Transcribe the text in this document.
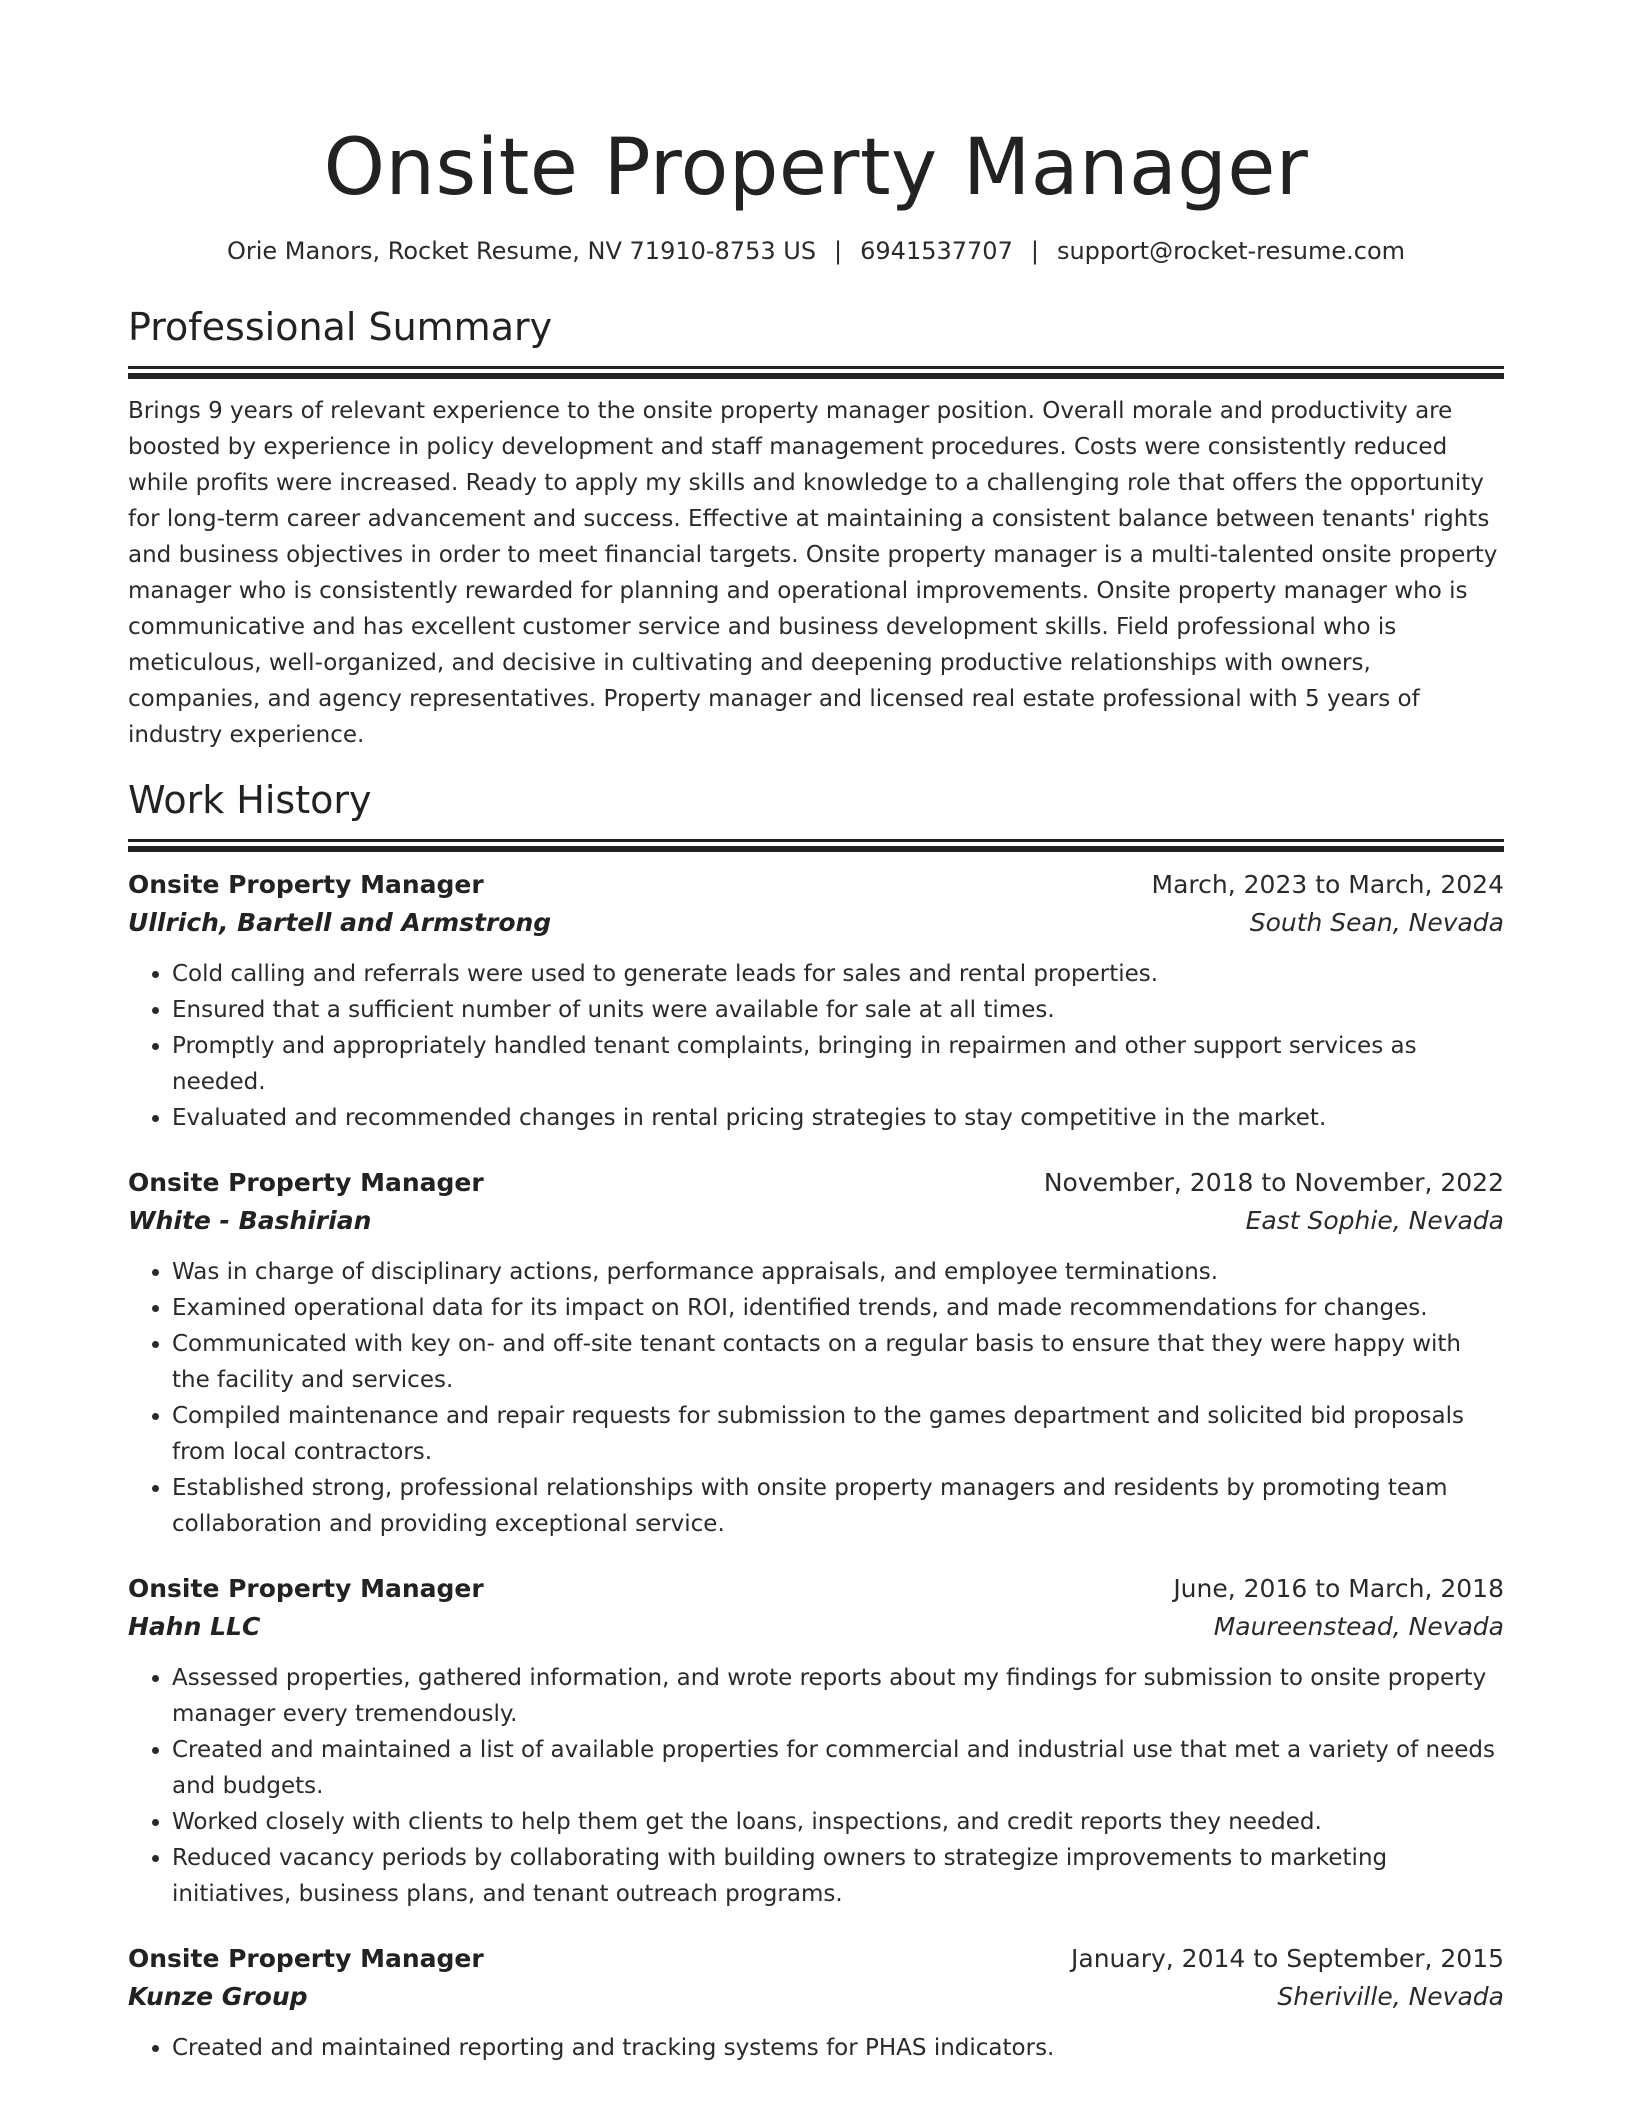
Onsite Property Manager
Orie Manors, Rocket Resume, NV 71910-8753 US | 6941537707 | support@rocket-resume.com
Professional Summary
Brings 9 years of relevant experience to the onsite property manager position. Overall morale and productivity are boosted by experience in policy development and staff management procedures. Costs were consistently reduced while profits were increased. Ready to apply my skills and knowledge to a challenging role that offers the opportunity for long-term career advancement and success. Effective at maintaining a consistent balance between tenants' rights and business objectives in order to meet financial targets. Onsite property manager is a multi-talented onsite property manager who is consistently rewarded for planning and operational improvements. Onsite property manager who is communicative and has excellent customer service and business development skills. Field professional who is meticulous, well-organized, and decisive in cultivating and deepening productive relationships with owners, companies, and agency representatives. Property manager and licensed real estate professional with 5 years of industry experience.
Work History
Onsite Property Manager	March, 2023 to March, 2024
Ullrich, Bartell and Armstrong	South Sean, Nevada
• Cold calling and referrals were used to generate leads for sales and rental properties.
• Ensured that a sufficient number of units were available for sale at all times.
• Promptly and appropriately handled tenant complaints, bringing in repairmen and other support services as needed.
• Evaluated and recommended changes in rental pricing strategies to stay competitive in the market.
Onsite Property Manager	November, 2018 to November, 2022
White - Bashirian	East Sophie, Nevada
• Was in charge of disciplinary actions, performance appraisals, and employee terminations.
• Examined operational data for its impact on ROI, identified trends, and made recommendations for changes.
• Communicated with key on- and off-site tenant contacts on a regular basis to ensure that they were happy with the facility and services.
• Compiled maintenance and repair requests for submission to the games department and solicited bid proposals from local contractors.
• Established strong, professional relationships with onsite property managers and residents by promoting team collaboration and providing exceptional service.
Onsite Property Manager	June, 2016 to March, 2018
Hahn LLC	Maureenstead, Nevada
• Assessed properties, gathered information, and wrote reports about my findings for submission to onsite property manager every tremendously.
• Created and maintained a list of available properties for commercial and industrial use that met a variety of needs and budgets.
• Worked closely with clients to help them get the loans, inspections, and credit reports they needed.
• Reduced vacancy periods by collaborating with building owners to strategize improvements to marketing initiatives, business plans, and tenant outreach programs.
Onsite Property Manager	January, 2014 to September, 2015
Kunze Group	Sheriville, Nevada
• Created and maintained reporting and tracking systems for PHAS indicators.
